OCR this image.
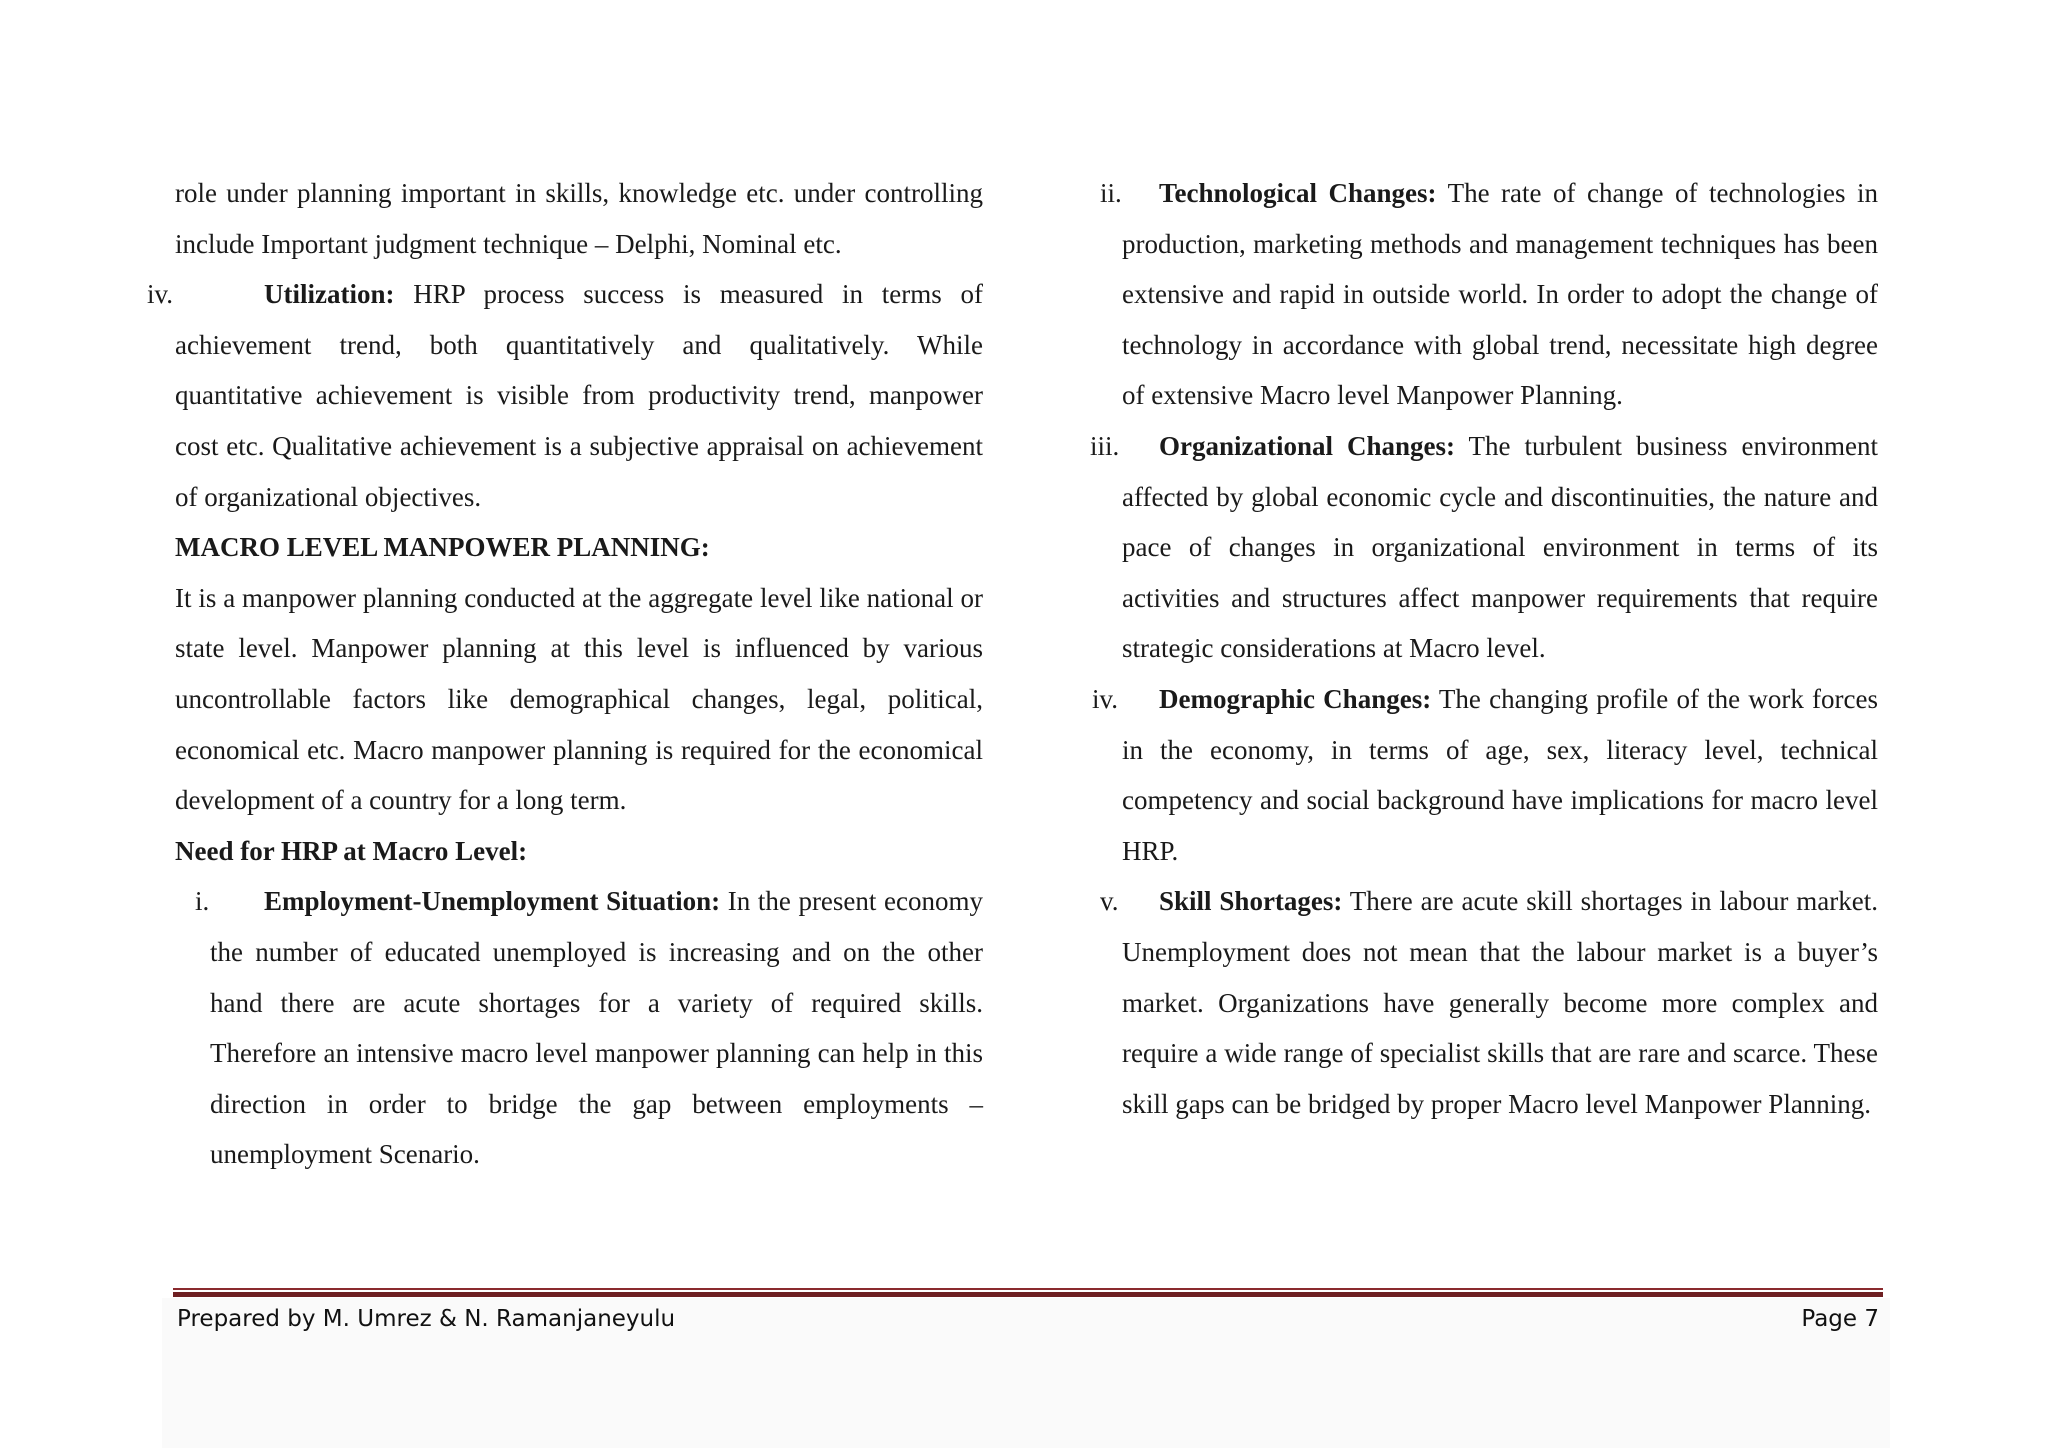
role under planning important in skills, knowledge etc. under controlling include Important judgment technique – Delphi, Nominal etc.

iv.	Utilization: HRP process success is measured in terms of achievement trend, both quantitatively and qualitatively. While quantitative achievement is visible from productivity trend, manpower cost etc. Qualitative achievement is a subjective appraisal on achievement of organizational objectives.

MACRO LEVEL MANPOWER PLANNING:

It is a manpower planning conducted at the aggregate level like national or state level. Manpower planning at this level is influenced by various uncontrollable factors like demographical changes, legal, political, economical etc. Macro manpower planning is required for the economical development of a country for a long term.

Need for HRP at Macro Level:

i. Employment-Unemployment Situation: In the present economy the number of educated unemployed is increasing and on the other hand there are acute shortages for a variety of required skills. Therefore an intensive macro level manpower planning can help in this direction in order to bridge the gap between employments –unemployment Scenario.
ii. Technological Changes: The rate of change of technologies in production, marketing methods and management techniques has been extensive and rapid in outside world. In order to adopt the change of technology in accordance with global trend, necessitate high degree of extensive Macro level Manpower Planning.
iii. Organizational Changes: The turbulent business environment affected by global economic cycle and discontinuities, the nature and pace of changes in organizational environment in terms of its activities and structures affect manpower requirements that require strategic considerations at Macro level.
iv. Demographic Changes: The changing profile of the work forces in the economy, in terms of age, sex, literacy level, technical competency and social background have implications for macro level HRP.
v. Skill Shortages: There are acute skill shortages in labour market. Unemployment does not mean that the labour market is a buyer’s market. Organizations have generally become more complex and require a wide range of specialist skills that are rare and scarce. These skill gaps can be bridged by proper Macro level Manpower Planning.
Prepared by M. Umrez & N. Ramanjaneyulu	Page 7
